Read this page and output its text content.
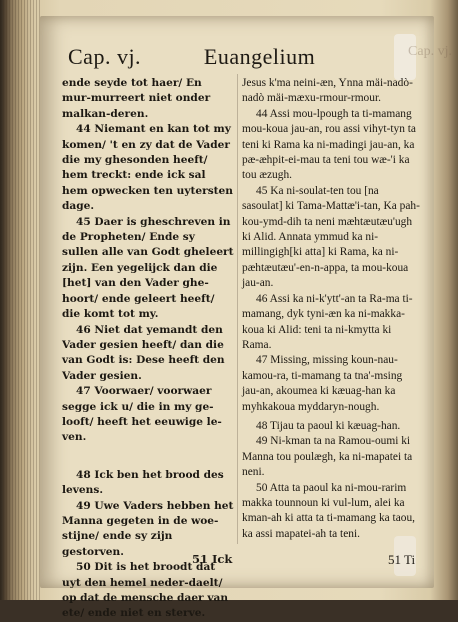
Cap. vj.
Cap. vj.	Euangelium

ende seyde tot haer/ En mur-murreert niet onder malkan-deren.

44 Niemant en kan tot my komen/ 't en zy dat de Vader die my ghesonden heeft/ hem treckt: ende ick sal hem opwecken ten uytersten dage.

45 Daer is gheschreven in de Propheten/ Ende sy sullen alle van Godt gheleert zijn. Een yegelijck dan die [het] van den Vader ghe-hoort/ ende geleert heeft/ die komt tot my.

46 Niet dat yemandt den Vader gesien heeft/ dan die van Godt is: Dese heeft den Vader gesien.

47 Voorwaer/ voorwaer segge ick u/ die in my ge-looft/ heeft het eeuwige le-ven.

48 Ick ben het brood des levens.

49 Uwe Vaders hebben het Manna gegeten in de woe-stijne/ ende sy zijn gestorven.

50 Dit is het broodt dat uyt den hemel neder-daelt/ op dat de mensche daer van ete/ ende niet en sterve.

Jesus k'ma neini-æn, Ynna mäi-nadò-nadò mäi-mæxu-rmour-rmour.

44 Assi mou-lpough ta ti-mamang mou-koua jau-an, rou assi vihyt-tyn ta teni ki Rama ka ni-madingi jau-an, ka pæ-æhpit-ei-mau ta teni tou wæ-'i ka tou æzugh.

45 Ka ni-soulat-ten tou [na sasoulat] ki Tama-Mattæ'i-tan, Ka pah-kou-ymd-dih ta neni mæhtæutæu'ugh ki Alid. Annata ymmud ka ni-millingigh[ki atta] ki Rama, ka ni-pæhtæutæu'-en-n-appa, ta mou-koua jau-an.

46 Assi ka ni-k'ytt'-an ta Ra-ma ti-mamang, dyk tyni-æn ka ni-makka-koua ki Alid: teni ta ni-kmytta ki Rama.

47 Missing, missing koun-nau-kamou-ra, ti-mamang ta tna'-msing jau-an, akoumea ki kæuag-han ka myhkakoua myddaryn-nough.

48 Tijau ta paoul ki kæuag-han.

49 Ni-kman ta na Ramou-oumi ki Manna tou poulægh, ka ni-mapatei ta neni.

50 Atta ta paoul ka ni-mou-rarim makka tounnoun ki vul-lum, alei ka kman-ah ki atta ta ti-mamang ka taou, ka assi mapatei-ah ta teni.

51 Ick	51 Ti
